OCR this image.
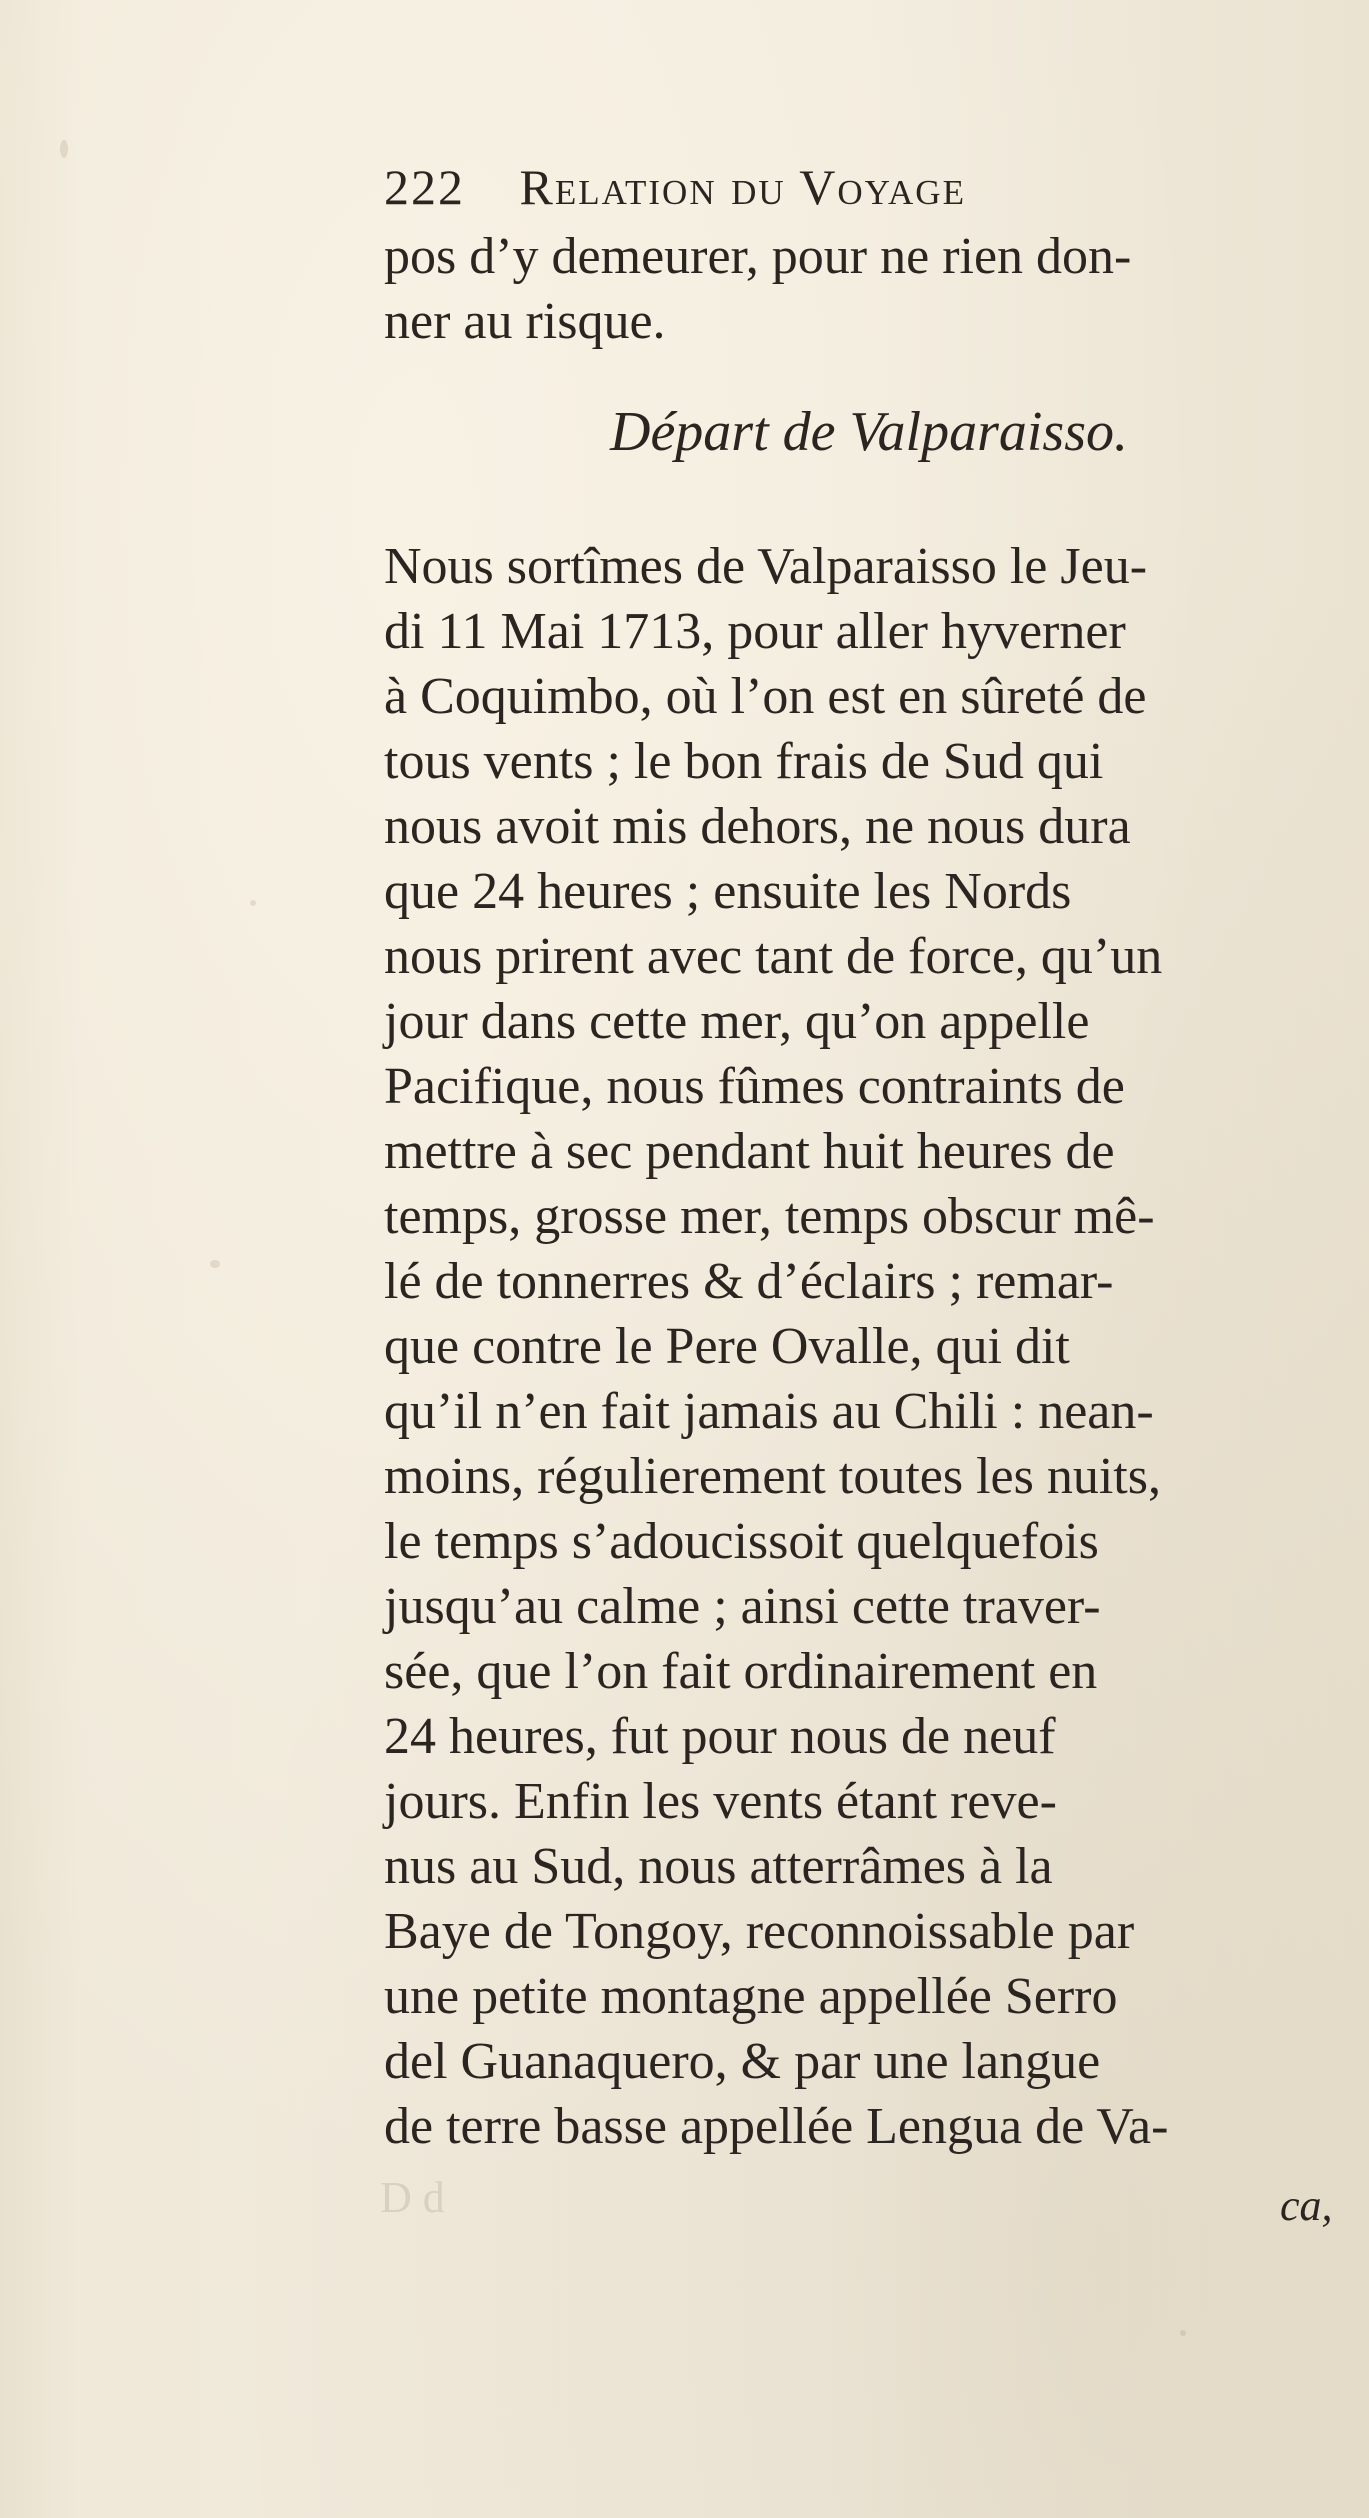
222 Relation du Voyage
pos d’y demeurer, pour ne rien don-
ner au risque.
Départ de Valparaisso.
Nous sortîmes de Valparaisso le Jeu-
di 11 Mai 1713, pour aller hyverner
à Coquimbo, où l’on est en sûreté de
tous vents ; le bon frais de Sud qui
nous avoit mis dehors, ne nous dura
que 24 heures ; ensuite les Nords
nous prirent avec tant de force, qu’un
jour dans cette mer, qu’on appelle
Pacifique, nous fûmes contraints de
mettre à sec pendant huit heures de
temps, grosse mer, temps obscur mê-
lé de tonnerres & d’éclairs ; remar-
que contre le Pere Ovalle, qui dit
qu’il n’en fait jamais au Chili : nean-
moins, régulierement toutes les nuits,
le temps s’adoucissoit quelquefois
jusqu’au calme ; ainsi cette traver-
sée, que l’on fait ordinairement en
24 heures, fut pour nous de neuf
jours. Enfin les vents étant reve-
nus au Sud, nous atterrâmes à la
Baye de Tongoy, reconnoissable par
une petite montagne appellée Serro
del Guanaquero, & par une langue
de terre basse appellée Lengua de Va-
D d	ca,
